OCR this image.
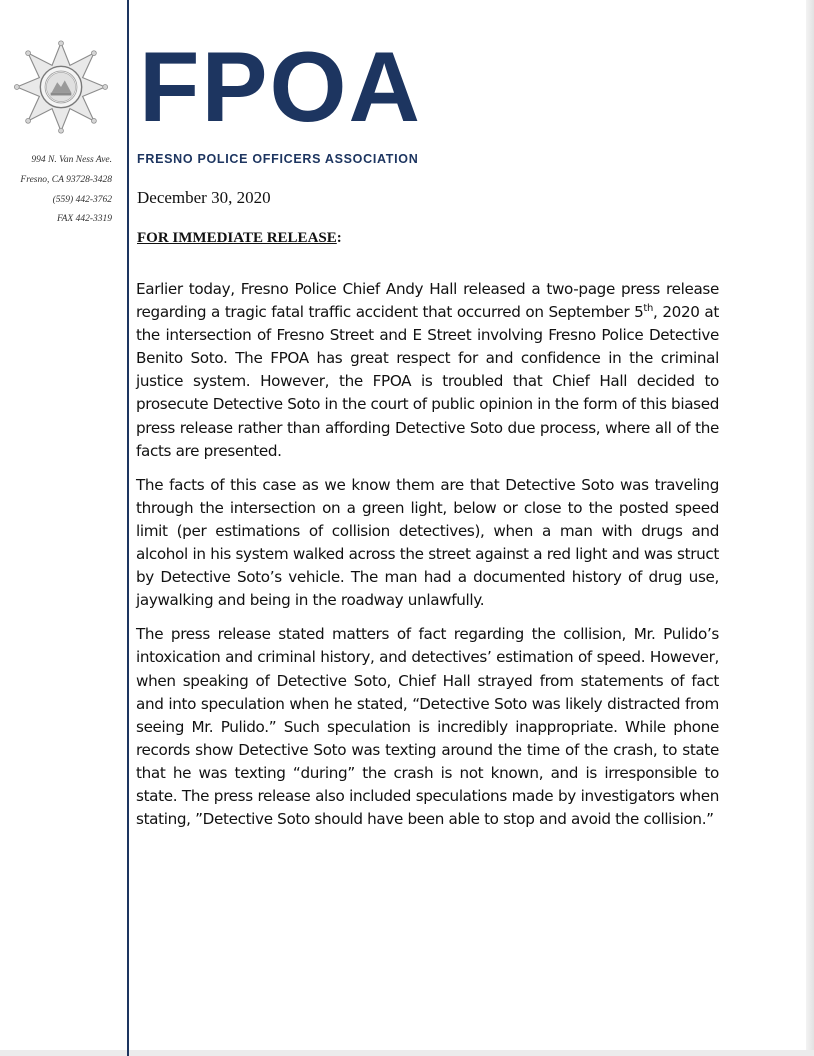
FPOA
FRESNO POLICE OFFICERS ASSOCIATION
994 N. Van Ness Ave.
Fresno, CA 93728-3428
(559) 442-3762
FAX 442-3319
December 30, 2020
FOR IMMEDIATE RELEASE:

Earlier today, Fresno Police Chief Andy Hall released a two-page press release regarding a tragic fatal traffic accident that occurred on September 5th, 2020 at the intersection of Fresno Street and E Street involving Fresno Police Detective Benito Soto. The FPOA has great respect for and confidence in the criminal justice system. However, the FPOA is troubled that Chief Hall decided to prosecute Detective Soto in the court of public opinion in the form of this biased press release rather than affording Detective Soto due process, where all of the facts are presented.

The facts of this case as we know them are that Detective Soto was traveling through the intersection on a green light, below or close to the posted speed limit (per estimations of collision detectives), when a man with drugs and alcohol in his system walked across the street against a red light and was struct by Detective Soto’s vehicle. The man had a documented history of drug use, jaywalking and being in the roadway unlawfully.

The press release stated matters of fact regarding the collision, Mr. Pulido’s intoxication and criminal history, and detectives’ estimation of speed. However, when speaking of Detective Soto, Chief Hall strayed from statements of fact and into speculation when he stated, “Detective Soto was likely distracted from seeing Mr. Pulido.” Such speculation is incredibly inappropriate. While phone records show Detective Soto was texting around the time of the crash, to state that he was texting “during” the crash is not known, and is irresponsible to state. The press release also included speculations made by investigators when stating, ”Detective Soto should have been able to stop and avoid the collision.”
